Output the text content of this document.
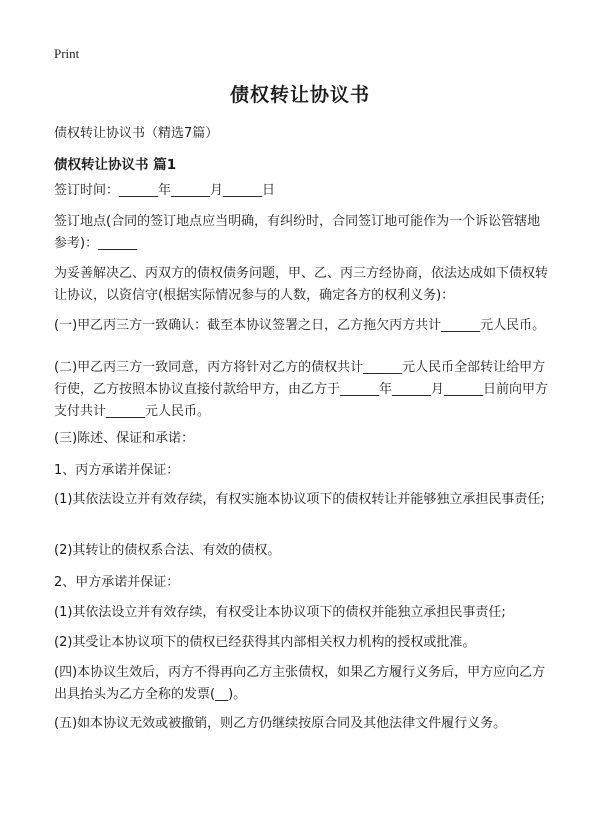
Print
债权转让协议书
债权转让协议书（精选7篇）
债权转让协议书 篇1
签订时间：______年______月______日
签订地点(合同的签订地点应当明确，有纠纷时，合同签订地可能作为一个诉讼管辖地参考)：______
为妥善解决乙、丙双方的债权债务问题，甲、乙、丙三方经协商，依法达成如下债权转让协议，以资信守(根据实际情况参与的人数，确定各方的权利义务)：
(一)甲乙丙三方一致确认：截至本协议签署之日，乙方拖欠丙方共计______元人民币。
(二)甲乙丙三方一致同意，丙方将针对乙方的债权共计______元人民币全部转让给甲方行使，乙方按照本协议直接付款给甲方，由乙方于______年______月______日前向甲方支付共计______元人民币。
(三)陈述、保证和承诺：
1、丙方承诺并保证：
(1)其依法设立并有效存续，有权实施本协议项下的债权转让并能够独立承担民事责任;
(2)其转让的债权系合法、有效的债权。
2、甲方承诺并保证：
(1)其依法设立并有效存续，有权受让本协议项下的债权并能独立承担民事责任;
(2)其受让本协议项下的债权已经获得其内部相关权力机构的授权或批准。
(四)本协议生效后，丙方不得再向乙方主张债权，如果乙方履行义务后，甲方应向乙方出具抬头为乙方全称的发票(__)。
(五)如本协议无效或被撤销，则乙方仍继续按原合同及其他法律文件履行义务。
